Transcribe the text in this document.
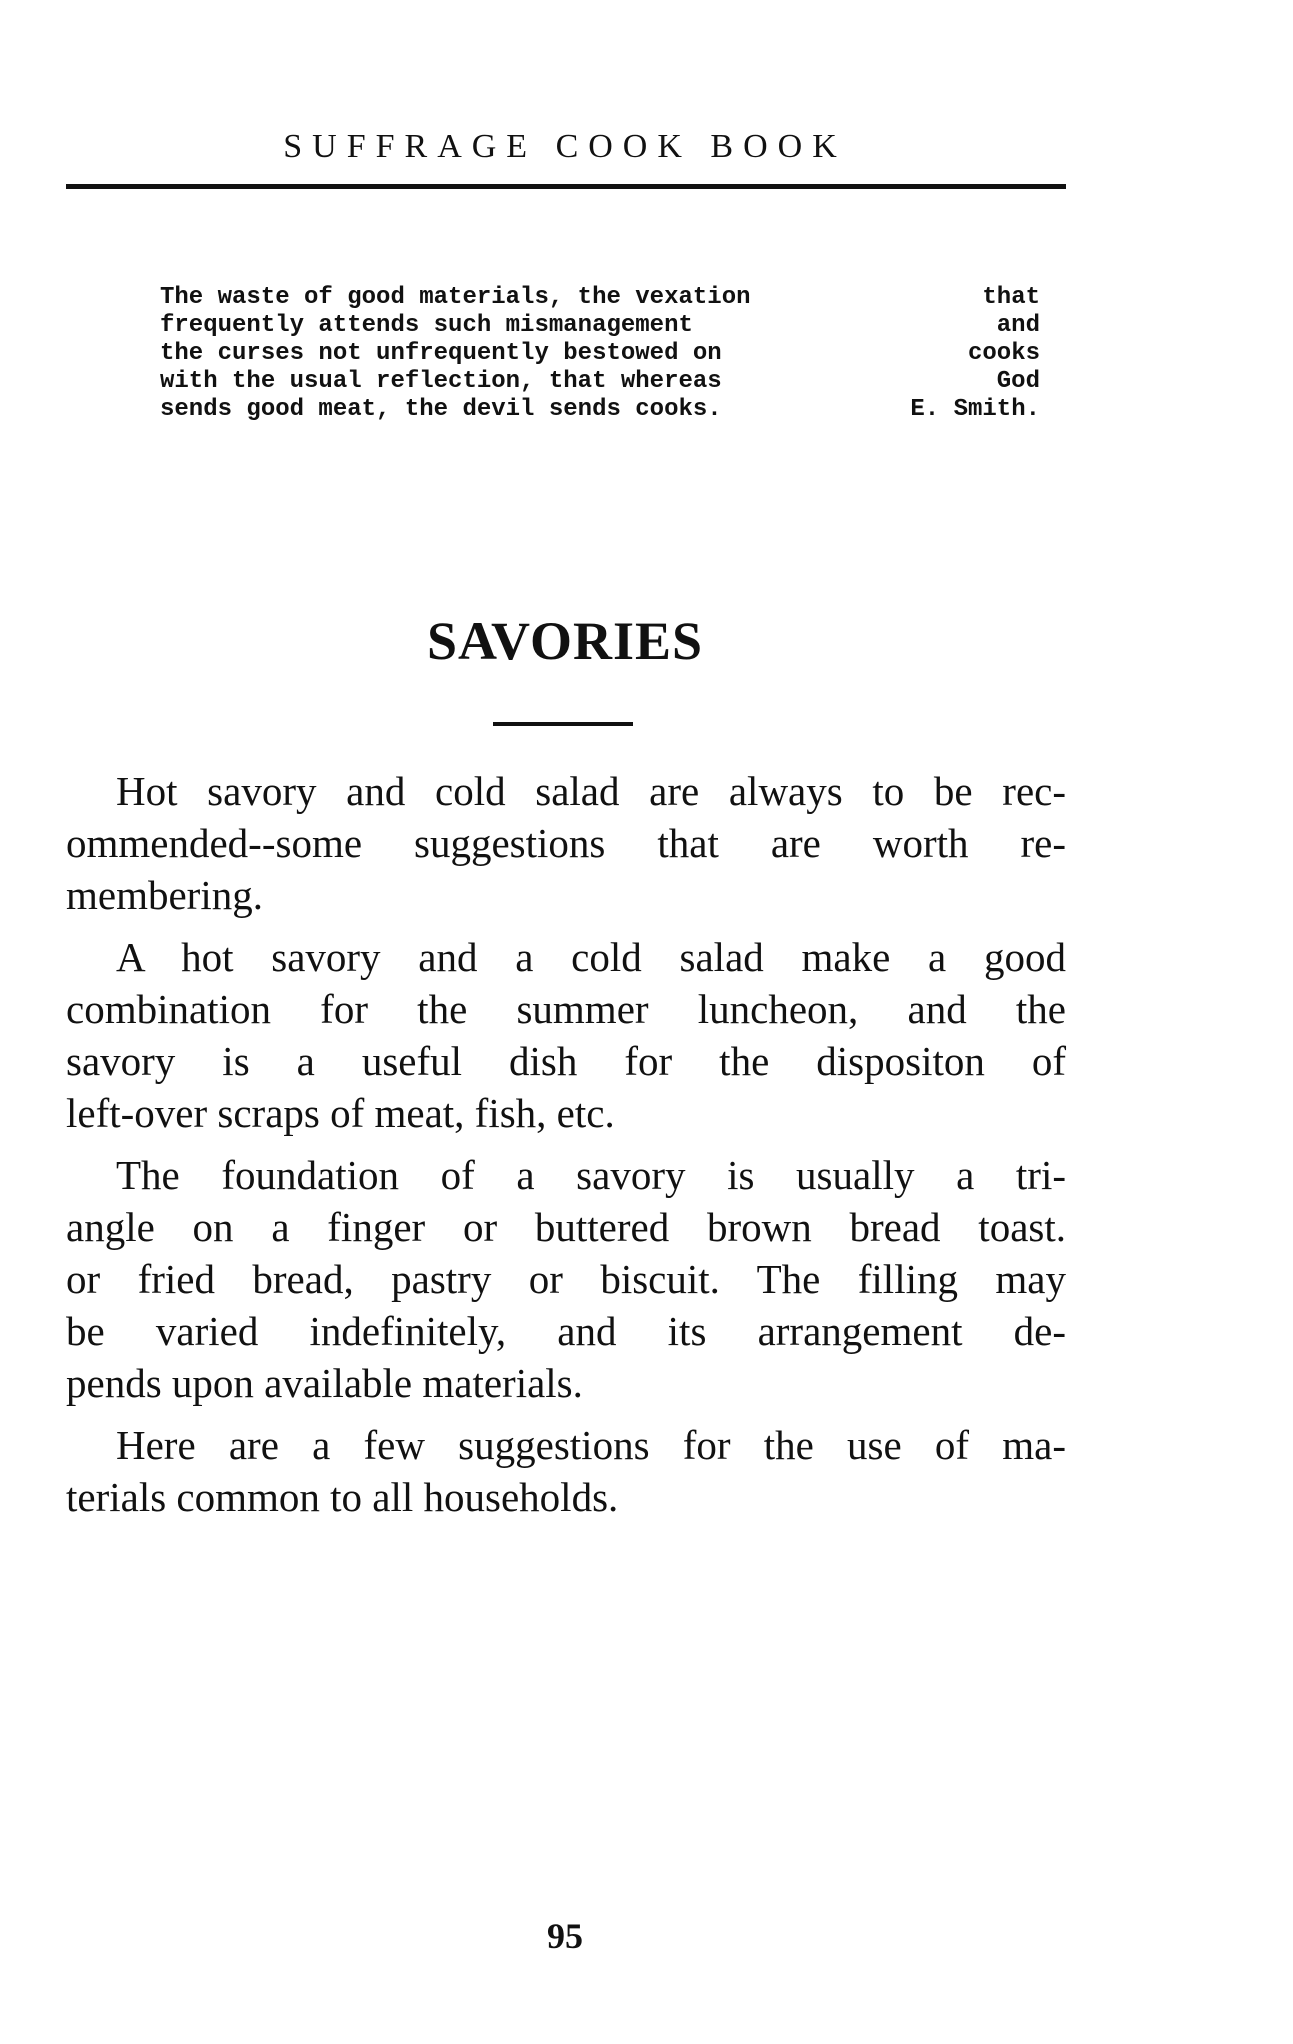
SUFFRAGE COOK BOOK
The waste of good materials, the vexation	that
frequently attends such mismanagement	and
the curses not unfrequently bestowed on	cooks
with the usual reflection, that whereas	God
sends good meat, the devil sends cooks.	E. Smith.
SAVORIES
Hot savory and cold salad are always to be rec-
ommended--some suggestions that are worth re-
membering.
A hot savory and a cold salad make a good
combination for the summer luncheon, and the
savory is a useful dish for the dispositon of
left-over scraps of meat, fish, etc.
The foundation of a savory is usually a tri-
angle on a finger or buttered brown bread toast.
or fried bread, pastry or biscuit. The filling may
be varied indefinitely, and its arrangement de-
pends upon available materials.
Here are a few suggestions for the use of ma-
terials common to all households.
95
